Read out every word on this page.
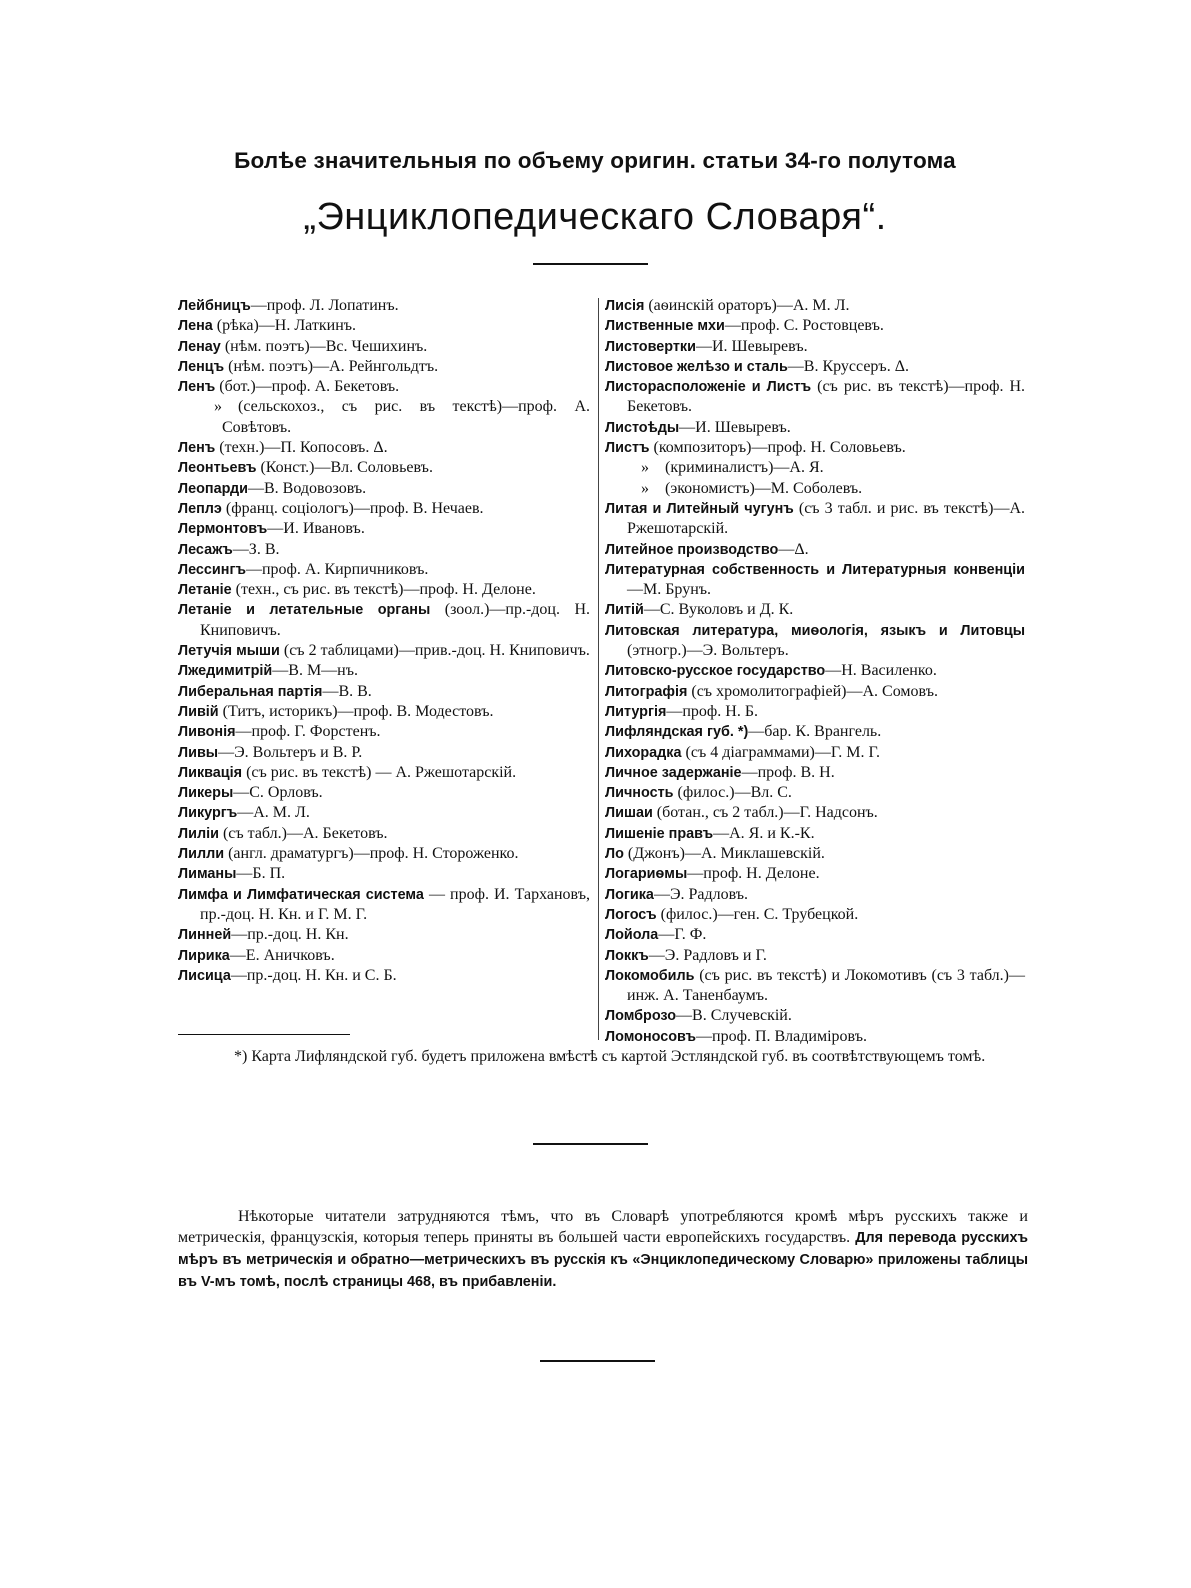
Болѣе значительныя по объему оригин. статьи 34-го полутома
„Энциклопедическаго Словаря“.

Лейбницъ—проф. Л. Лопатинъ.

Лена (рѣка)—Н. Латкинъ.

Ленау (нѣм. поэтъ)—Вс. Чешихинъ.

Ленцъ (нѣм. поэтъ)—А. Рейнгольдтъ.

Ленъ (бот.)—проф. А. Бекетовъ.

» (сельскохоз., съ рис. въ текстѣ)—проф. А. Совѣтовъ.

Ленъ (техн.)—П. Копосовъ. Δ.

Леонтьевъ (Конст.)—Вл. Соловьевъ.

Леопарди—В. Водовозовъ.

Леплэ (франц. соціологъ)—проф. В. Нечаев.

Лермонтовъ—И. Ивановъ.

Лесажъ—З. В.

Лессингъ—проф. А. Кирпичниковъ.

Летаніе (техн., съ рис. въ текстѣ)—проф. Н. Делоне.

Летаніе и летательные органы (зоол.)—пр.-доц. Н. Книповичъ.

Летучія мыши (съ 2 таблицами)—прив.-доц. Н. Книповичъ.

Лжедимитрій—В. М—нъ.

Либеральная партія—В. В.

Ливій (Титъ, историкъ)—проф. В. Модестовъ.

Ливонія—проф. Г. Форстенъ.

Ливы—Э. Вольтеръ и В. Р.

Ликвація (съ рис. въ текстѣ) — А. Ржешотарскій.

Ликеры—С. Орловъ.

Ликургъ—А. М. Л.

Лиліи (съ табл.)—А. Бекетовъ.

Лилли (англ. драматургъ)—проф. Н. Стороженко.

Лиманы—Б. П.

Лимфа и Лимфатическая система — проф. И. Тархановъ, пр.-доц. Н. Кн. и Г. М. Г.

Линней—пр.-доц. Н. Кн.

Лирика—Е. Аничковъ.

Лисица—пр.-доц. Н. Кн. и С. Б.

Лисія (аѳинскій ораторъ)—А. М. Л.

Лиственные мхи—проф. С. Ростовцевъ.

Листовертки—И. Шевыревъ.

Листовое желѣзо и сталь—В. Круссеръ. Δ.

Листорасположеніе и Листъ (съ рис. въ текстѣ)—проф. Н. Бекетовъ.

Листоѣды—И. Шевыревъ.

Листъ (композиторъ)—проф. Н. Соловьевъ.

» (криминалистъ)—А. Я.

» (экономистъ)—М. Соболевъ.

Литая и Литейный чугунъ (съ 3 табл. и рис. въ текстѣ)—А. Ржешотарскій.

Литейное производство—Δ.

Литературная собственность и Литературныя конвенціи—М. Брунъ.

Литій—С. Вуколовъ и Д. К.

Литовская литература, миѳологія, языкъ и Литовцы (этногр.)—Э. Вольтеръ.

Литовско-русское государство—Н. Василенко.

Литографія (съ хромолитографіей)—А. Сомовъ.

Литургія—проф. Н. Б.

Лифляндская губ. *)—бар. К. Врангель.

Лихорадка (съ 4 діаграммами)—Г. М. Г.

Личное задержаніе—проф. В. Н.

Личность (филос.)—Вл. С.

Лишаи (ботан., съ 2 табл.)—Г. Надсонъ.

Лишеніе правъ—А. Я. и К.-К.

Ло (Джонъ)—А. Миклашевскій.

Логариѳмы—проф. Н. Делоне.

Логика—Э. Радловъ.

Логосъ (филос.)—ген. С. Трубецкой.

Лойола—Г. Ф.

Локкъ—Э. Радловъ и Г.

Локомобиль (съ рис. въ текстѣ) и Локомотивъ (съ 3 табл.)—инж. А. Таненбаумъ.

Ломброзо—В. Случевскій.

Ломоносовъ—проф. П. Владиміровъ.

*) Карта Лифляндской губ. будетъ приложена вмѣстѣ съ картой Эстляндской губ. въ соотвѣтствующемъ томѣ.

Нѣкоторые читатели затрудняются тѣмъ, что въ Словарѣ употребляются кромѣ мѣръ русскихъ также и метрическія, французскія, которыя теперь приняты въ большей части европейскихъ государствъ. Для перевода русскихъ мѣръ въ метрическія и обратно—метрическихъ въ русскія къ «Энциклопедическому Словарю» приложены таблицы въ V-мъ томѣ, послѣ страницы 468, въ прибавленіи.
